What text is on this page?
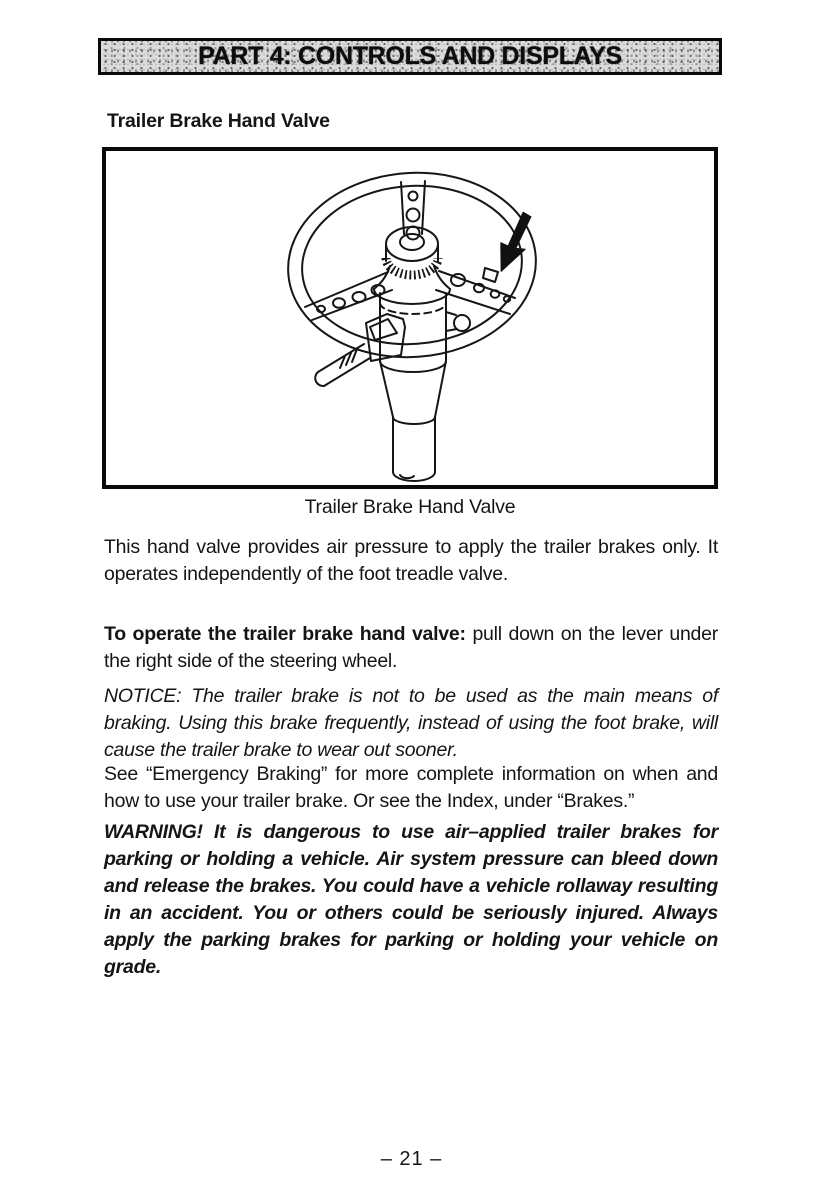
PART 4: CONTROLS AND DISPLAYS
Trailer Brake Hand Valve
Trailer Brake Hand Valve

This hand valve provides air pressure to apply the trailer brakes only. It operates independently of the foot treadle valve.

To operate the trailer brake hand valve: pull down on the lever under the right side of the steering wheel.

NOTICE: The trailer brake is not to be used as the main means of braking. Using this brake frequently, instead of using the foot brake, will cause the trailer brake to wear out sooner.

See “Emergency Braking” for more complete information on when and how to use your trailer brake. Or see the Index, under “Brakes.”

WARNING! It is dangerous to use air–applied trailer brakes for parking or holding a vehicle. Air system pressure can bleed down and release the brakes. You could have a vehicle rollaway resulting in an accident. You or others could be seriously injured. Always apply the parking brakes for parking or holding your vehicle on grade.

– 21 –
